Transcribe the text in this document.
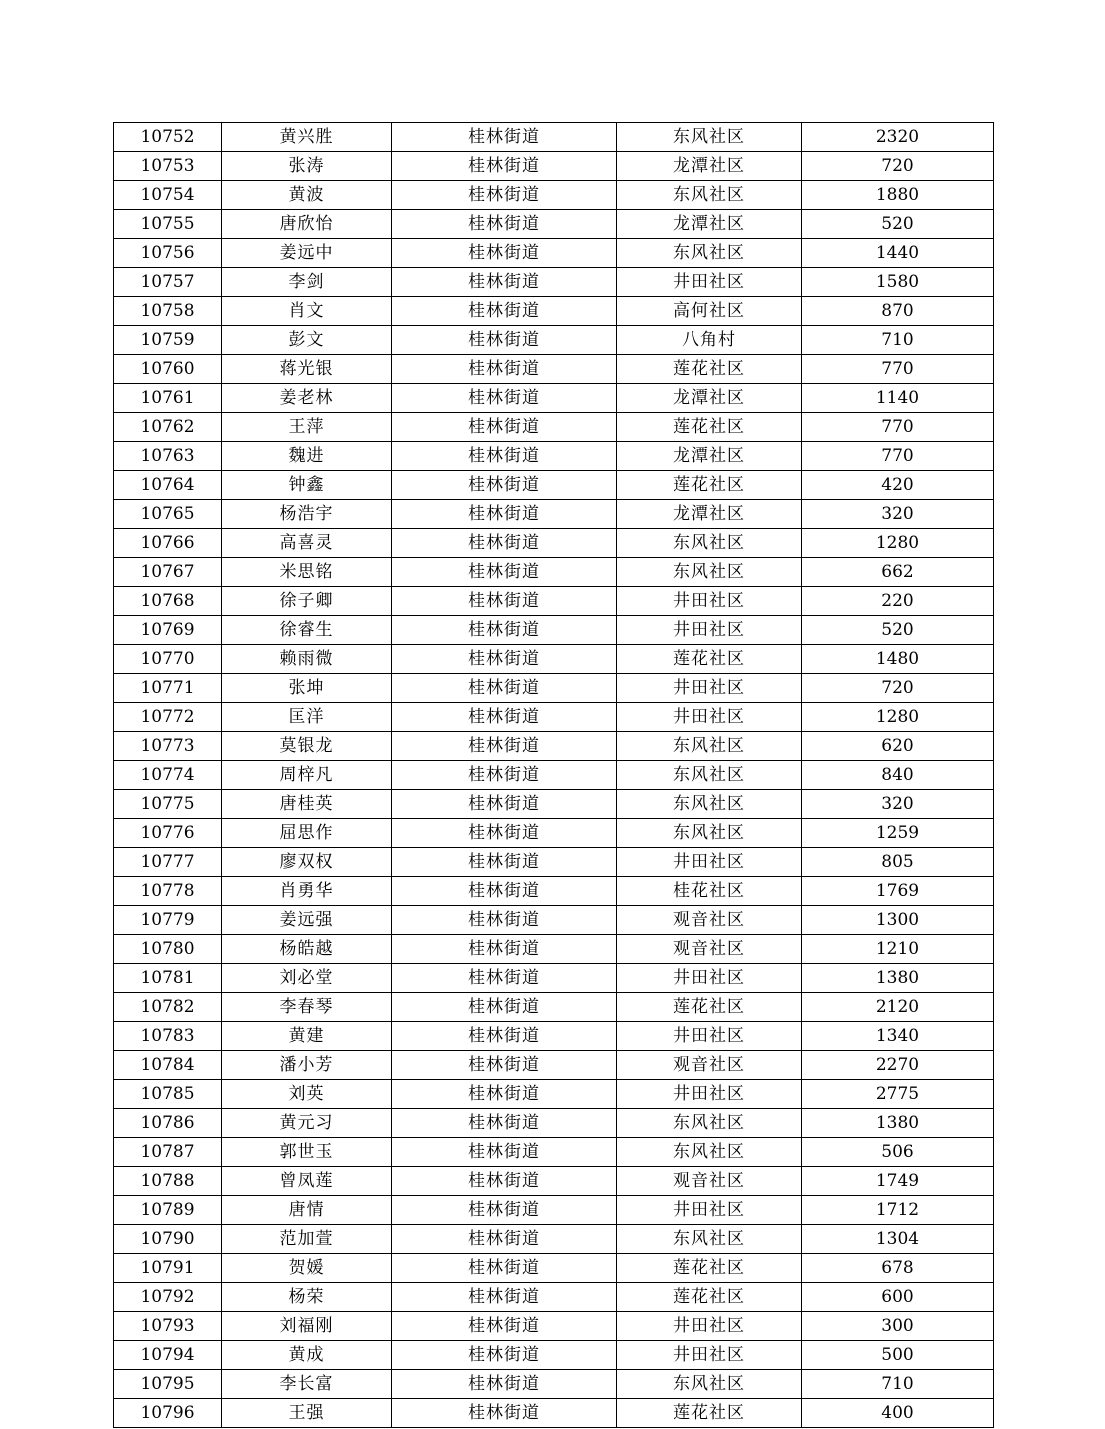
10752	黄兴胜	桂林街道	东风社区	2320
10753	张涛	桂林街道	龙潭社区	720
10754	黄波	桂林街道	东风社区	1880
10755	唐欣怡	桂林街道	龙潭社区	520
10756	姜远中	桂林街道	东风社区	1440
10757	李剑	桂林街道	井田社区	1580
10758	肖文	桂林街道	高何社区	870
10759	彭文	桂林街道	八角村	710
10760	蒋光银	桂林街道	莲花社区	770
10761	姜老林	桂林街道	龙潭社区	1140
10762	王萍	桂林街道	莲花社区	770
10763	魏进	桂林街道	龙潭社区	770
10764	钟鑫	桂林街道	莲花社区	420
10765	杨浩宇	桂林街道	龙潭社区	320
10766	高喜灵	桂林街道	东风社区	1280
10767	米思铭	桂林街道	东风社区	662
10768	徐子卿	桂林街道	井田社区	220
10769	徐睿生	桂林街道	井田社区	520
10770	赖雨微	桂林街道	莲花社区	1480
10771	张坤	桂林街道	井田社区	720
10772	匡洋	桂林街道	井田社区	1280
10773	莫银龙	桂林街道	东风社区	620
10774	周梓凡	桂林街道	东风社区	840
10775	唐桂英	桂林街道	东风社区	320
10776	屈思作	桂林街道	东风社区	1259
10777	廖双权	桂林街道	井田社区	805
10778	肖勇华	桂林街道	桂花社区	1769
10779	姜远强	桂林街道	观音社区	1300
10780	杨皓越	桂林街道	观音社区	1210
10781	刘必堂	桂林街道	井田社区	1380
10782	李春琴	桂林街道	莲花社区	2120
10783	黄建	桂林街道	井田社区	1340
10784	潘小芳	桂林街道	观音社区	2270
10785	刘英	桂林街道	井田社区	2775
10786	黄元习	桂林街道	东风社区	1380
10787	郭世玉	桂林街道	东风社区	506
10788	曾凤莲	桂林街道	观音社区	1749
10789	唐情	桂林街道	井田社区	1712
10790	范加萱	桂林街道	东风社区	1304
10791	贺媛	桂林街道	莲花社区	678
10792	杨荣	桂林街道	莲花社区	600
10793	刘福刚	桂林街道	井田社区	300
10794	黄成	桂林街道	井田社区	500
10795	李长富	桂林街道	东风社区	710
10796	王强	桂林街道	莲花社区	400
